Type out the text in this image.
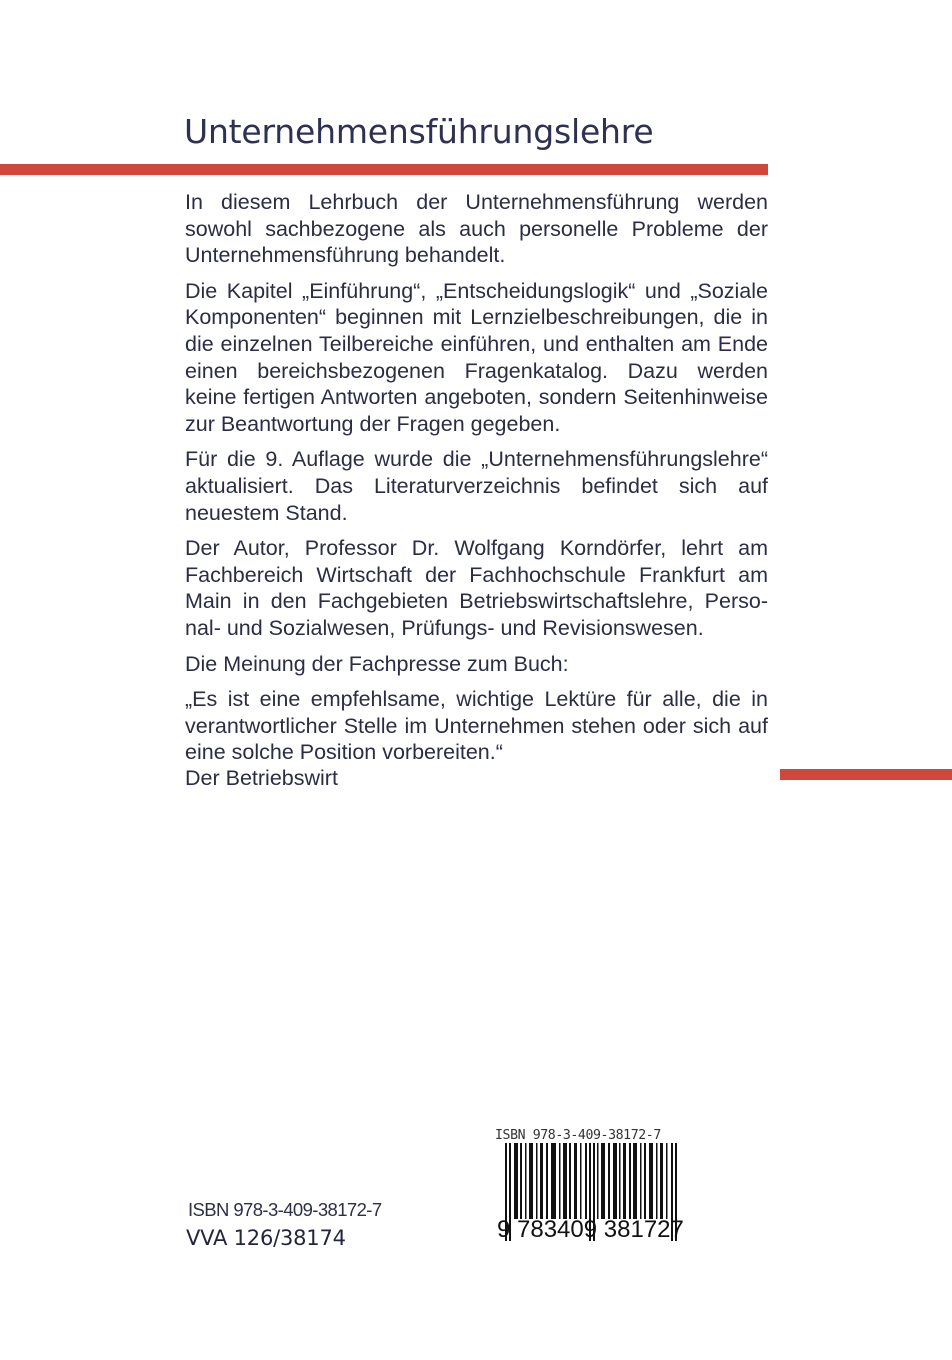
Unternehmensführungslehre

In diesem Lehrbuch der Unternehmensführung werden sowohl sachbezogene als auch personelle Probleme der Unternehmensführung behandelt.

Die Kapitel „Einführung“, „Entscheidungslogik“ und „Soziale Komponenten“ beginnen mit Lernzielbeschreibungen, die in die einzelnen Teilbereiche einführen, und enthalten am Ende einen bereichsbezogenen Fragenkatalog. Dazu werden keine fertigen Antworten angeboten, sondern Seitenhinweise zur Beantwortung der Fragen gegeben.

Für die 9. Auflage wurde die „Unternehmensführungslehre“ aktualisiert. Das Literaturverzeichnis befindet sich auf neuestem Stand.

Der Autor, Professor Dr. Wolfgang Korndörfer, lehrt am Fachbereich Wirtschaft der Fachhochschule Frankfurt am Main in den Fachgebieten Betriebswirtschaftslehre, Personal- und Sozialwesen, Prüfungs- und Revisionswesen.

Die Meinung der Fachpresse zum Buch:

„Es ist eine empfehlsame, wichtige Lektüre für alle, die in verantwortlicher Stelle im Unternehmen stehen oder sich auf eine solche Position vorbereiten.“

Der Betriebswirt

ISBN 978-3-409-38172-7
VVA 126/38174
ISBN 978-3-409-38172-7
9 783409 381727
